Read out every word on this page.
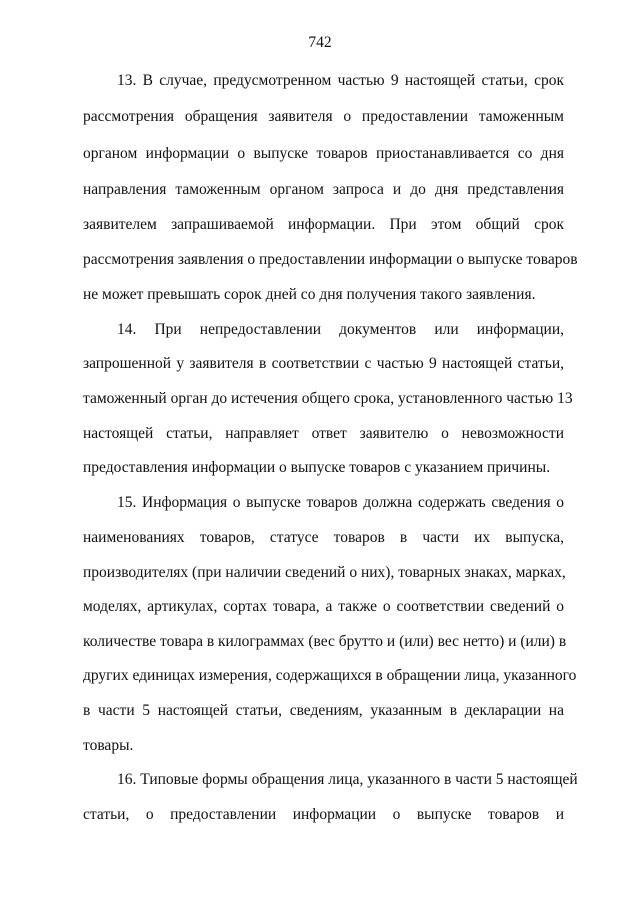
742
13. В случае, предусмотренном частью 9 настоящей статьи, срок
рассмотрения обращения заявителя о предоставлении таможенным
органом информации о выпуске товаров приостанавливается со дня
направления таможенным органом запроса и до дня представления
заявителем запрашиваемой информации. При этом общий срок
рассмотрения заявления о предоставлении информации о выпуске товаров
не может превышать сорок дней со дня получения такого заявления.
14. При непредоставлении документов или информации,
запрошенной у заявителя в соответствии с частью 9 настоящей статьи,
таможенный орган до истечения общего срока, установленного частью 13
настоящей статьи, направляет ответ заявителю о невозможности
предоставления информации о выпуске товаров с указанием причины.
15. Информация о выпуске товаров должна содержать сведения о
наименованиях товаров, статусе товаров в части их выпуска,
производителях (при наличии сведений о них), товарных знаках, марках,
моделях, артикулах, сортах товара, а также о соответствии сведений о
количестве товара в килограммах (вес брутто и (или) вес нетто) и (или) в
других единицах измерения, содержащихся в обращении лица, указанного
в части 5 настоящей статьи, сведениям, указанным в декларации на
товары.
16. Типовые формы обращения лица, указанного в части 5 настоящей
статьи, о предоставлении информации о выпуске товаров и
